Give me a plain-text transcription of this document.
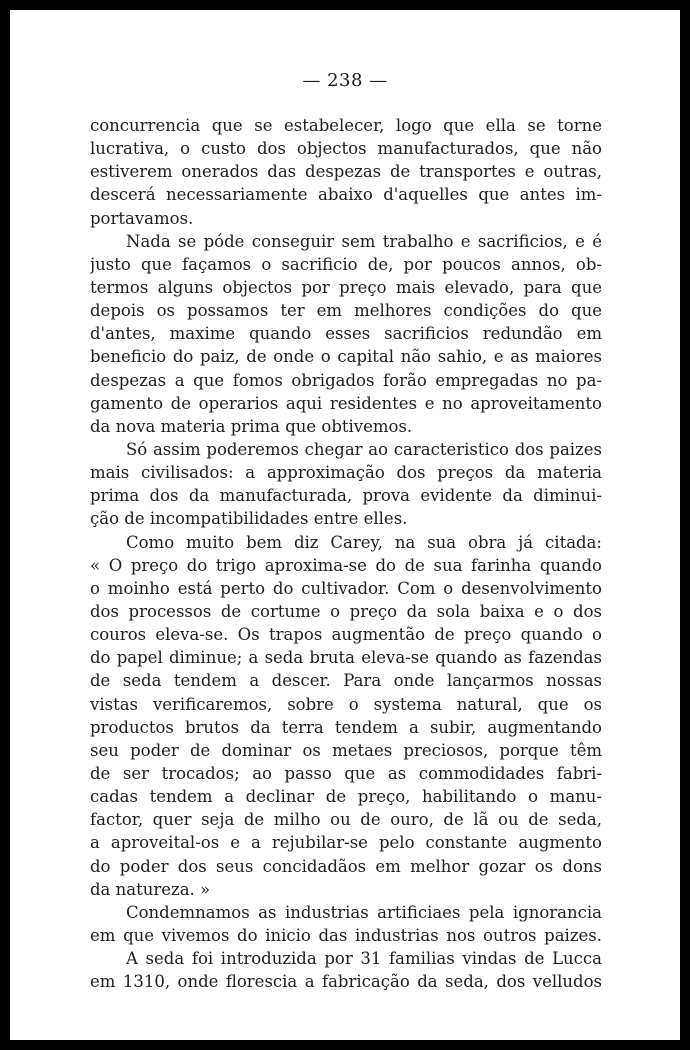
— 238 —
concurrencia que se estabelecer, logo que ella se torne
lucrativa, o custo dos objectos manufacturados, que não
estiverem onerados das despezas de transportes e outras,
descerá necessariamente abaixo d'aquelles que antes im-
portavamos.
Nada se póde conseguir sem trabalho e sacrificios, e é
justo que façamos o sacrificio de, por poucos annos, ob-
termos alguns objectos por preço mais elevado, para que
depois os possamos ter em melhores condições do que
d'antes, maxime quando esses sacrificios redundão em
beneficio do paiz, de onde o capital não sahio, e as maiores
despezas a que fomos obrigados forão empregadas no pa-
gamento de operarios aqui residentes e no aproveitamento
da nova materia prima que obtivemos.
Só assim poderemos chegar ao caracteristico dos paizes
mais civilisados: a approximação dos preços da materia
prima dos da manufacturada, prova evidente da diminui-
ção de incompatibilidades entre elles.
Como muito bem diz Carey, na sua obra já citada:
« O preço do trigo aproxima-se do de sua farinha quando
o moinho está perto do cultivador. Com o desenvolvimento
dos processos de cortume o preço da sola baixa e o dos
couros eleva-se. Os trapos augmentão de preço quando o
do papel diminue; a seda bruta eleva-se quando as fazendas
de seda tendem a descer. Para onde lançarmos nossas
vistas verificaremos, sobre o systema natural, que os
productos brutos da terra tendem a subir, augmentando
seu poder de dominar os metaes preciosos, porque têm
de ser trocados; ao passo que as commodidades fabri-
cadas tendem a declinar de preço, habilitando o manu-
factor, quer seja de milho ou de ouro, de lã ou de seda,
a aproveital-os e a rejubilar-se pelo constante augmento
do poder dos seus concidadãos em melhor gozar os dons
da natureza. »
Condemnamos as industrias artificiaes pela ignorancia
em que vivemos do inicio das industrias nos outros paizes.
A seda foi introduzida por 31 familias vindas de Lucca
em 1310, onde florescia a fabricação da seda, dos velludos
